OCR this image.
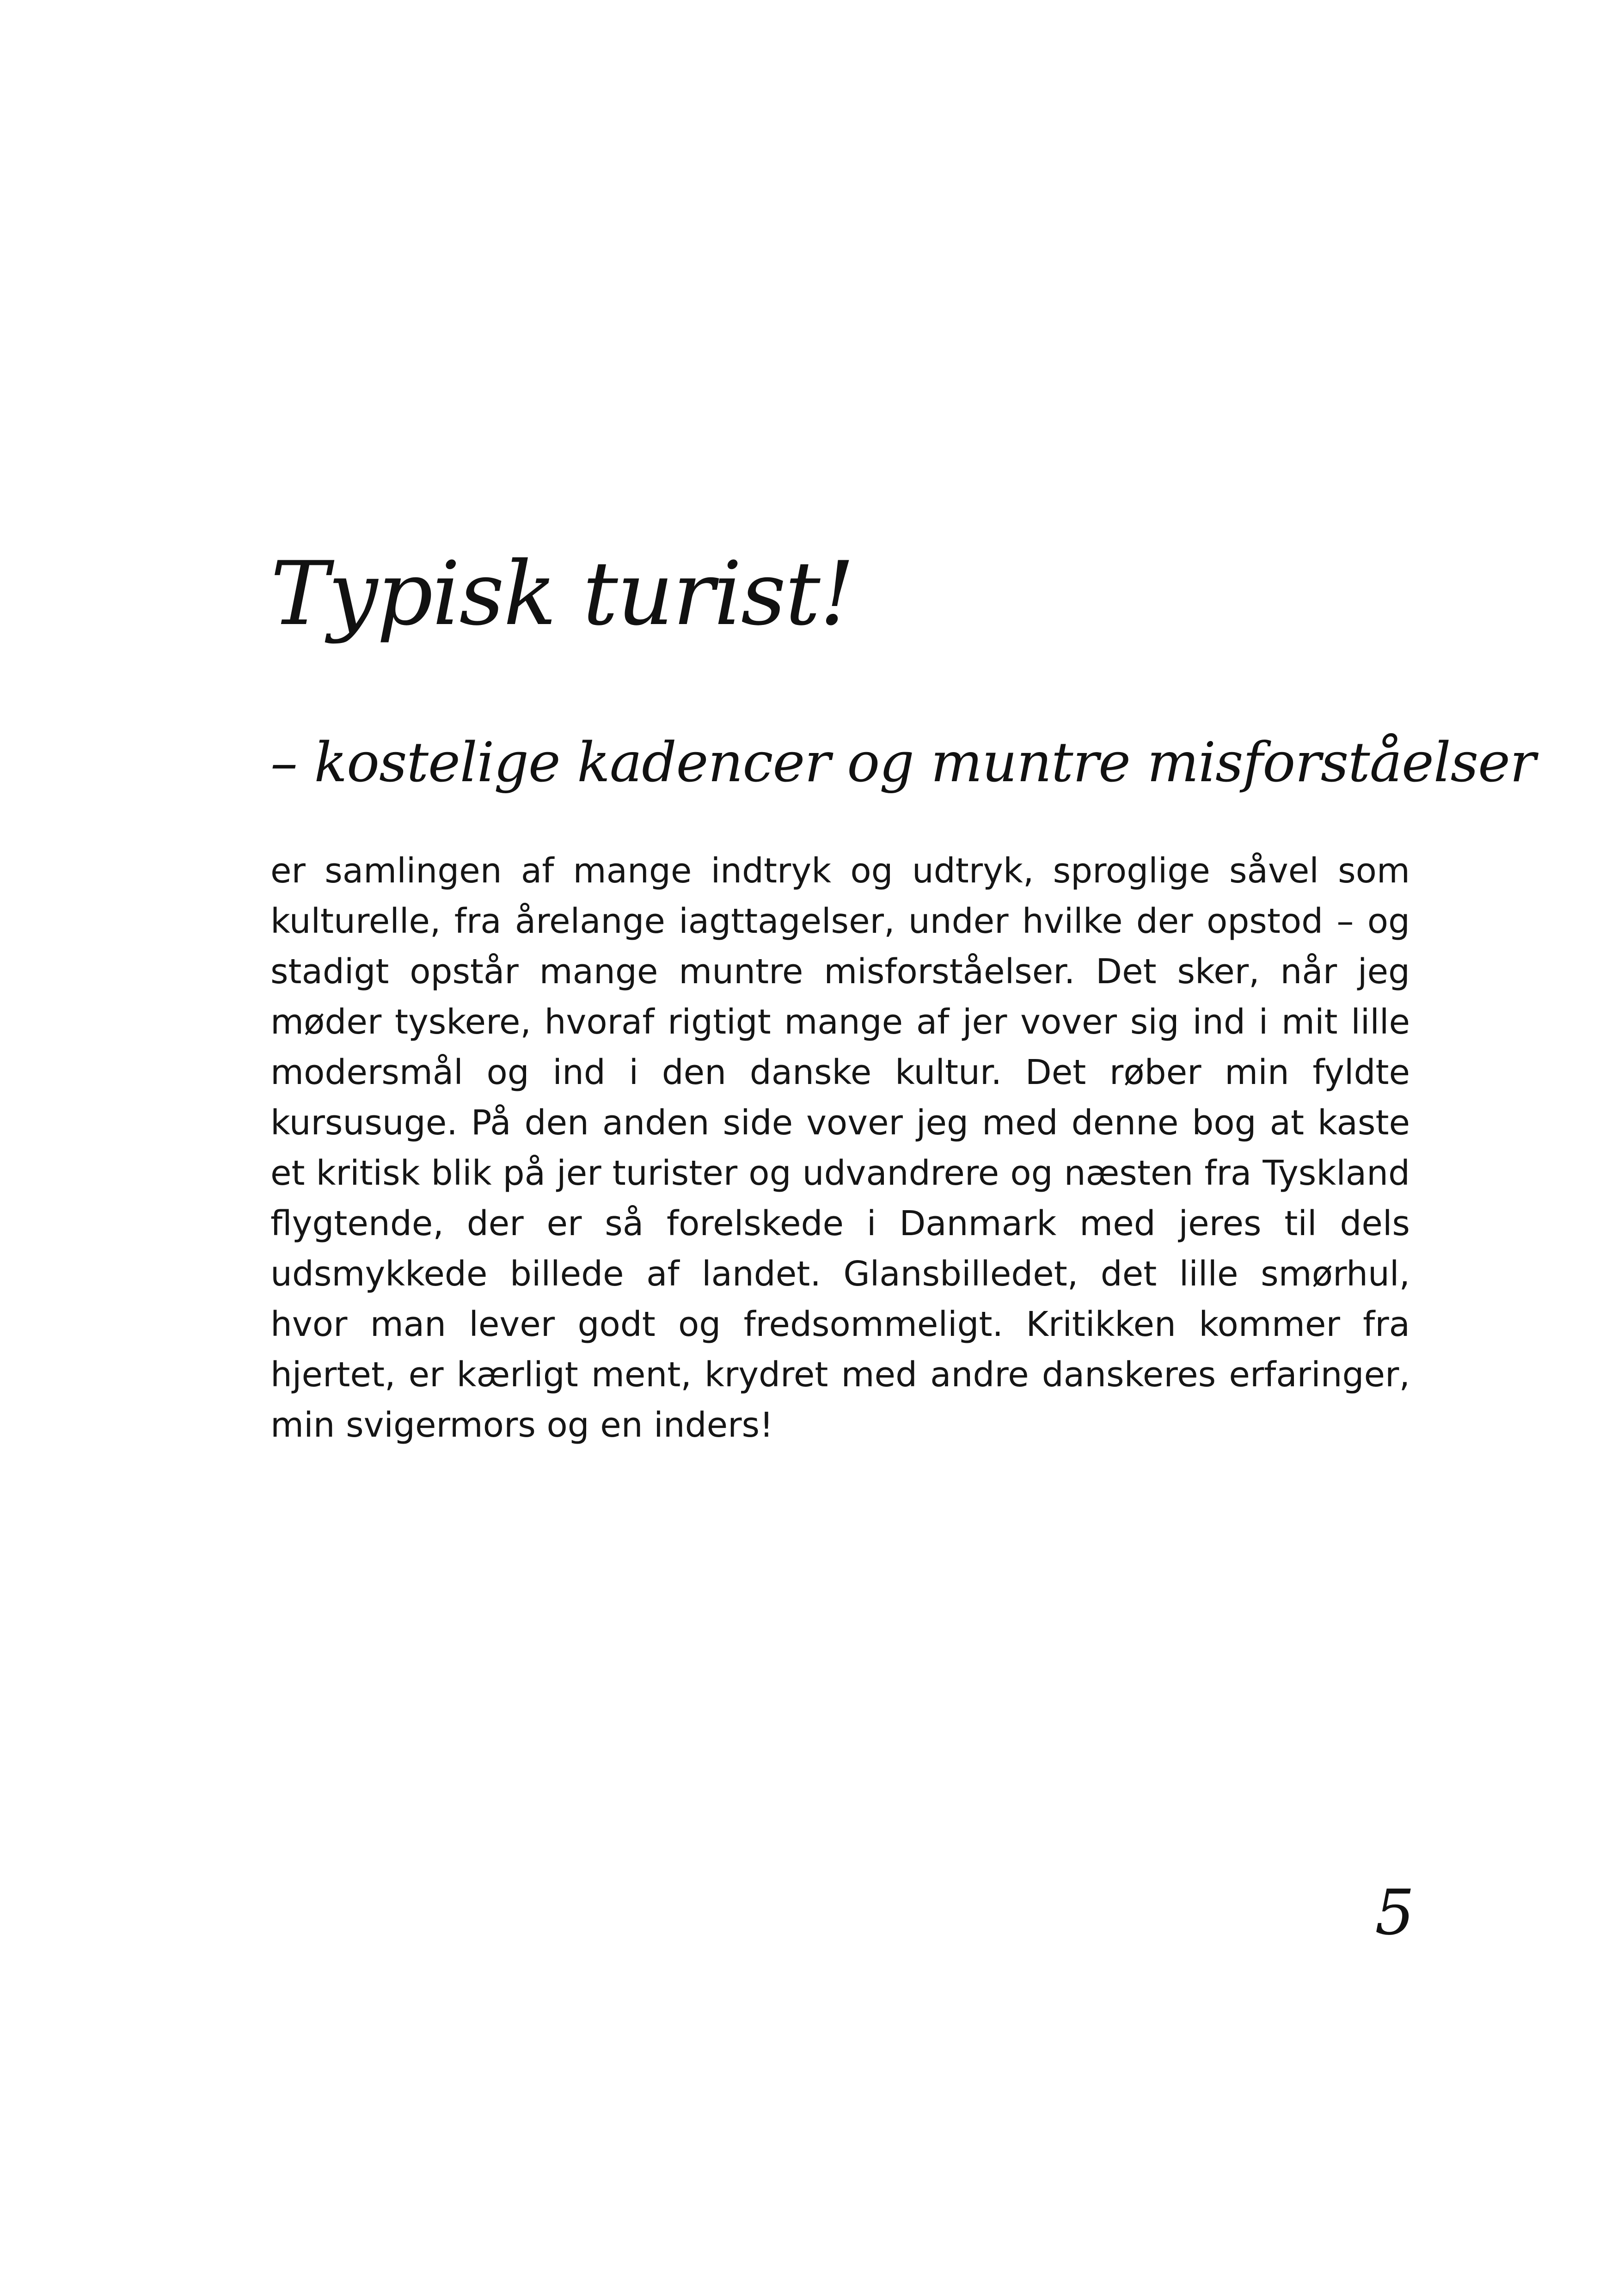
Typisk turist!
– kostelige kadencer og muntre misforståelser

er samlingen af mange indtryk og udtryk, sproglige såvel som kulturelle, fra årelange iagttagelser, under hvilke der opstod – og stadigt opstår mange muntre misforståelser. Det sker, når jeg møder tyskere, hvoraf rigtigt mange af jer vover sig ind i mit lille modersmål og ind i den danske kultur. Det røber min fyldte kursusuge. På den anden side vover jeg med denne bog at kaste et kritisk blik på jer turister og udvandrere og næsten fra Tyskland flygtende, der er så forelskede i Danmark med jeres til dels udsmykkede billede af landet. Glansbilledet, det lille smørhul, hvor man lever godt og fredsommeligt. Kritikken kommer fra hjertet, er kærligt ment, krydret med andre danskeres erfaringer, min svigermors og en inders!

5
